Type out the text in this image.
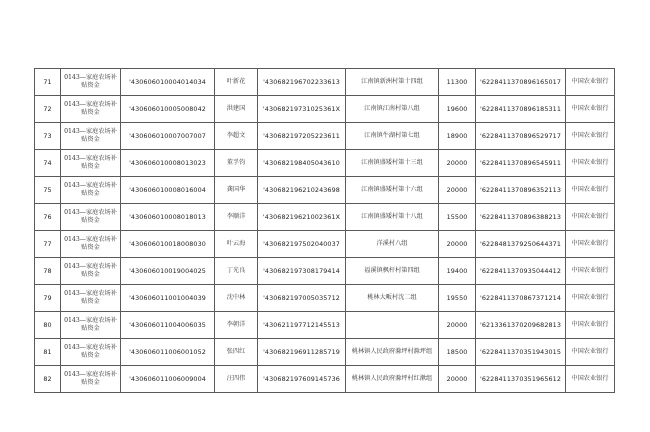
71	0143—家庭农场补贴资金	'430606010004014034	叶新花	'430682196702233613	江南镇新洲村第十四组	11300	'6228411370896165017	中国农业银行
72	0143—家庭农场补贴资金	'430606010005008042	洪建国	'43068219731025361X	江南镇江南村第八组	19600	'6228411370896185311	中国农业银行
73	0143—家庭农场补贴资金	'430606010007007007	李超文	'430682197205223611	江南镇牛湖村第七组	18900	'6228411370896529717	中国农业银行
74	0143—家庭农场补贴资金	'430606010008013023	董孚钧	'430682198405043610	江南镇盛矮村第十三组	20000	'6228411370896545911	中国农业银行
75	0143—家庭农场补贴资金	'430606010008016004	龚国华	'430682196210243698	江南镇盛矮村第十六组	20000	'6228411370896352113	中国农业银行
76	0143—家庭农场补贴资金	'430606010008018013	李顺洋	'43068219621002361X	江南镇盛矮村第十八组	15500	'6228411370896388213	中国农业银行
77	0143—家庭农场补贴资金	'430606010018008030	叶云海	'430682197502040037	洋溪村八组	20000	'6228481379250644371	中国农业银行
78	0143—家庭农场补贴资金	'430606010019004025	丁光良	'430682197308179414	福溪镇枫杆村第四组	19400	'6228411370935044412	中国农业银行
79	0143—家庭农场补贴资金	'430606011001004039	沈中林	'430682197005035712	桃林大畈村沈二组	19550	'6228411370867371214	中国农业银行
80	0143—家庭农场补贴资金	'430606011004006035	李朝洋	'430621197712145513		20000	'6213361370209682813	中国农业银行
81	0143—家庭农场补贴资金	'430606011006001052	张四红	'430682196911285719	桃林镇人民政府滁坪村滁坪组	18500	'6228411370351943015	中国农业银行
82	0143—家庭农场补贴资金	'430606011006009004	汪四伟	'430682197609145736	桃林镇人民政府滁坪村红漱组	20000	'6228411370351965612	中国农业银行
